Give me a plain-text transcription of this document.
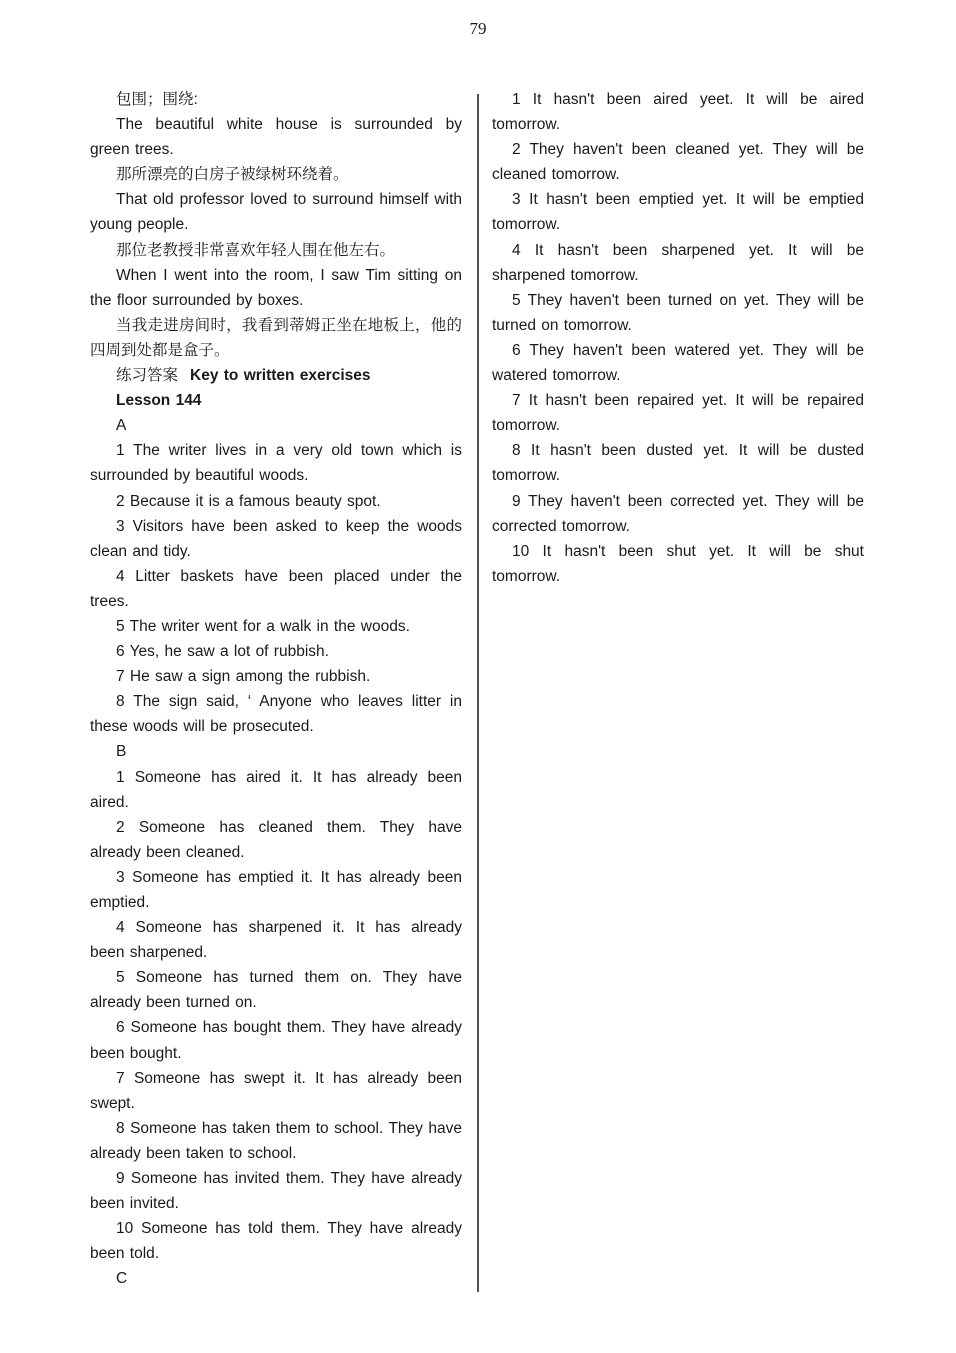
79

包围；围绕:

The beautiful white house is surrounded by green trees.

那所漂亮的白房子被绿树环绕着。

That old professor loved to surround himself with young people.

那位老教授非常喜欢年轻人围在他左右。

When I went into the room, I saw Tim sitting on the floor surrounded by boxes.

当我走进房间时，我看到蒂姆正坐在地板上，他的四周到处都是盒子。

练习答案 Key to written exercises

Lesson 144

A

1 The writer lives in a very old town which is surrounded by beautiful woods.

2 Because it is a famous beauty spot.

3 Visitors have been asked to keep the woods clean and tidy.

4 Litter baskets have been placed under the trees.

5 The writer went for a walk in the woods.

6 Yes, he saw a lot of rubbish.

7 He saw a sign among the rubbish.

8 The sign said, ‘ Anyone who leaves litter in these woods will be prosecuted.

B

1 Someone has aired it. It has already been aired.

2 Someone has cleaned them. They have already been cleaned.

3 Someone has emptied it. It has already been emptied.

4 Someone has sharpened it. It has already been sharpened.

5 Someone has turned them on. They have already been turned on.

6 Someone has bought them. They have already been bought.

7 Someone has swept it. It has already been swept.

8 Someone has taken them to school. They have already been taken to school.

9 Someone has invited them. They have already been invited.

10 Someone has told them. They have already been told.

C

1 It hasn't been aired yeet. It will be aired tomorrow.

2 They haven't been cleaned yet. They will be cleaned tomorrow.

3 It hasn't been emptied yet. It will be emptied tomorrow.

4 It hasn't been sharpened yet. It will be sharpened tomorrow.

5 They haven't been turned on yet. They will be turned on tomorrow.

6 They haven't been watered yet. They will be watered tomorrow.

7 It hasn't been repaired yet. It will be repaired tomorrow.

8 It hasn't been dusted yet. It will be dusted tomorrow.

9 They haven't been corrected yet. They will be corrected tomorrow.

10 It hasn't been shut yet. It will be shut tomorrow.
